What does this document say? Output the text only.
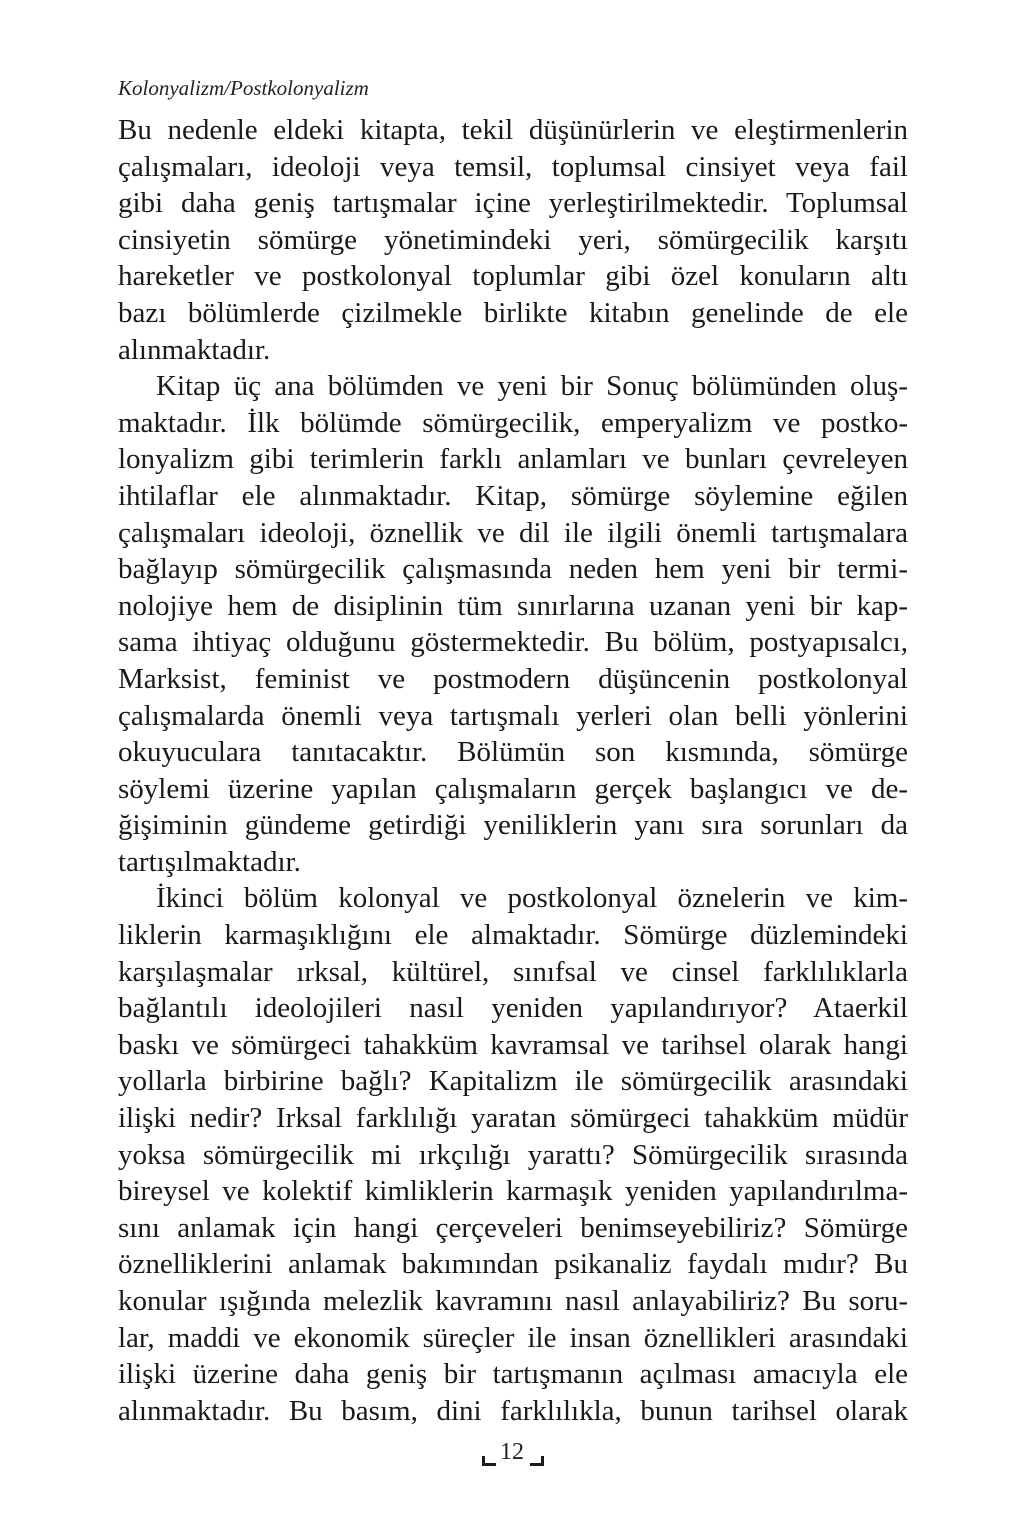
Kolonyalizm/Postkolonyalizm
Bu nedenle eldeki kitapta, tekil düşünürlerin ve eleştirmenlerin
çalışmaları, ideoloji veya temsil, toplumsal cinsiyet veya fail
gibi daha geniş tartışmalar içine yerleştirilmektedir. Toplumsal
cinsiyetin sömürge yönetimindeki yeri, sömürgecilik karşıtı
hareketler ve postkolonyal toplumlar gibi özel konuların altı
bazı bölümlerde çizilmekle birlikte kitabın genelinde de ele
alınmaktadır.
Kitap üç ana bölümden ve yeni bir Sonuç bölümünden oluş-
maktadır. İlk bölümde sömürgecilik, emperyalizm ve postko-
lonyalizm gibi terimlerin farklı anlamları ve bunları çevreleyen
ihtilaflar ele alınmaktadır. Kitap, sömürge söylemine eğilen
çalışmaları ideoloji, öznellik ve dil ile ilgili önemli tartışmalara
bağlayıp sömürgecilik çalışmasında neden hem yeni bir termi-
nolojiye hem de disiplinin tüm sınırlarına uzanan yeni bir kap-
sama ihtiyaç olduğunu göstermektedir. Bu bölüm, postyapısalcı,
Marksist, feminist ve postmodern düşüncenin postkolonyal
çalışmalarda önemli veya tartışmalı yerleri olan belli yönlerini
okuyuculara tanıtacaktır. Bölümün son kısmında, sömürge
söylemi üzerine yapılan çalışmaların gerçek başlangıcı ve de-
ğişiminin gündeme getirdiği yeniliklerin yanı sıra sorunları da
tartışılmaktadır.
İkinci bölüm kolonyal ve postkolonyal öznelerin ve kim-
liklerin karmaşıklığını ele almaktadır. Sömürge düzlemindeki
karşılaşmalar ırksal, kültürel, sınıfsal ve cinsel farklılıklarla
bağlantılı ideolojileri nasıl yeniden yapılandırıyor? Ataerkil
baskı ve sömürgeci tahakküm kavramsal ve tarihsel olarak hangi
yollarla birbirine bağlı? Kapitalizm ile sömürgecilik arasındaki
ilişki nedir? Irksal farklılığı yaratan sömürgeci tahakküm müdür
yoksa sömürgecilik mi ırkçılığı yarattı? Sömürgecilik sırasında
bireysel ve kolektif kimliklerin karmaşık yeniden yapılandırılma-
sını anlamak için hangi çerçeveleri benimseyebiliriz? Sömürge
öznelliklerini anlamak bakımından psikanaliz faydalı mıdır? Bu
konular ışığında melezlik kavramını nasıl anlayabiliriz? Bu soru-
lar, maddi ve ekonomik süreçler ile insan öznellikleri arasındaki
ilişki üzerine daha geniş bir tartışmanın açılması amacıyla ele
alınmaktadır. Bu basım, dini farklılıkla, bunun tarihsel olarak
12
